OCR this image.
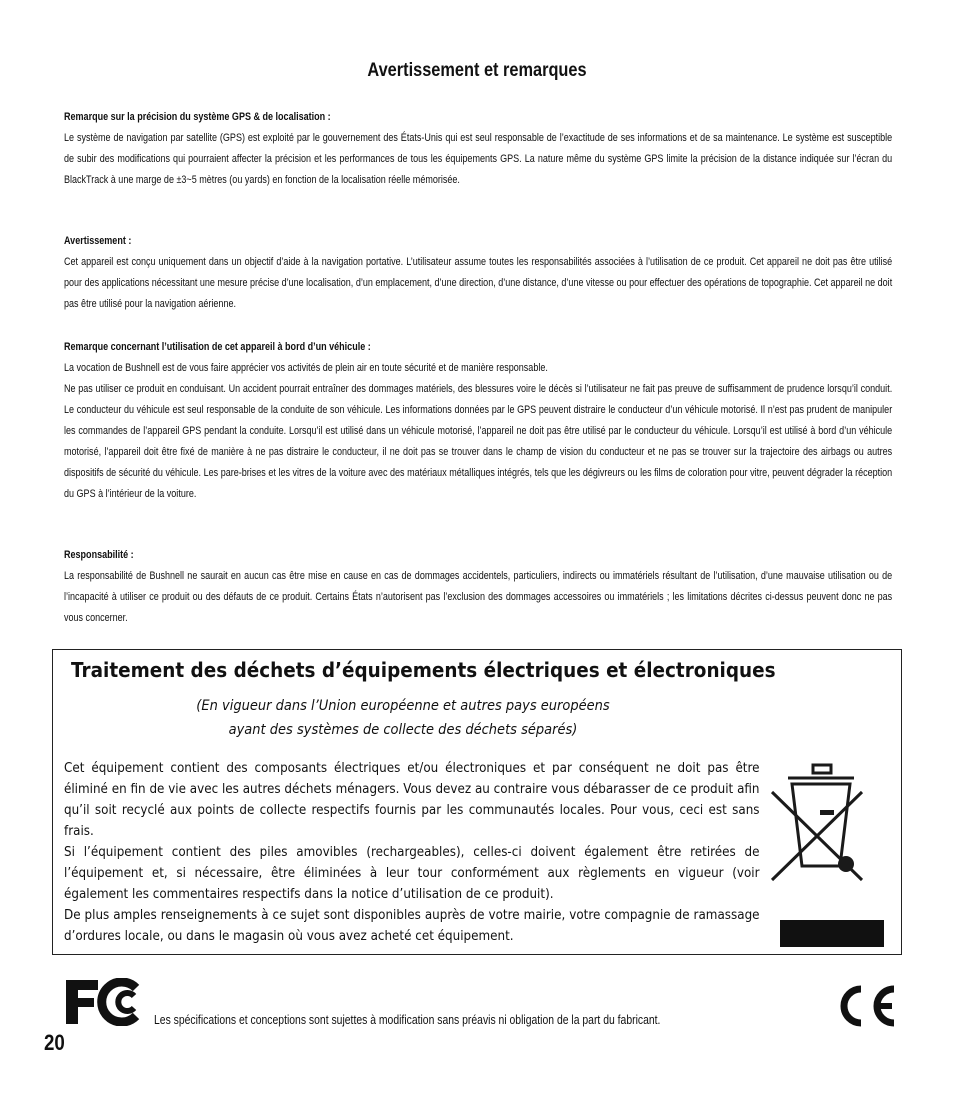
Avertissement et remarques
Remarque sur la précision du système GPS & de localisation :

Le système de navigation par satellite (GPS) est exploité par le gouvernement des États-Unis qui est seul responsable de l’exactitude de ses informations et de sa maintenance. Le système est susceptible de subir des modifications qui pourraient affecter la précision et les performances de tous les équipements GPS. La nature même du système GPS limite la précision de la distance indiquée sur l’écran du BlackTrack à une marge de ±3~5 mètres (ou yards) en fonction de la localisation réelle mémorisée.

Avertissement :

Cet appareil est conçu uniquement dans un objectif d’aide à la navigation portative. L’utilisateur assume toutes les responsabilités associées à l’utilisation de ce produit. Cet appareil ne doit pas être utilisé pour des applications nécessitant une mesure précise d’une localisation, d’un emplacement, d’une direction, d’une distance, d’une vitesse ou pour effectuer des opérations de topographie. Cet appareil ne doit pas être utilisé pour la navigation aérienne.

Remarque concernant l’utilisation de cet appareil à bord d’un véhicule :

La vocation de Bushnell est de vous faire apprécier vos activités de plein air en toute sécurité et de manière responsable.

Ne pas utiliser ce produit en conduisant. Un accident pourrait entraîner des dommages matériels, des blessures voire le décès si l’utilisateur ne fait pas preuve de suffisamment de prudence lorsqu’il conduit. Le conducteur du véhicule est seul responsable de la conduite de son véhicule. Les informations données par le GPS peuvent distraire le conducteur d’un véhicule motorisé. Il n’est pas prudent de manipuler les commandes de l’appareil GPS pendant la conduite. Lorsqu’il est utilisé dans un véhicule motorisé, l’appareil ne doit pas être utilisé par le conducteur du véhicule. Lorsqu’il est utilisé à bord d’un véhicule motorisé, l’appareil doit être fixé de manière à ne pas distraire le conducteur, il ne doit pas se trouver dans le champ de vision du conducteur et ne pas se trouver sur la trajectoire des airbags ou autres dispositifs de sécurité du véhicule. Les pare-brises et les vitres de la voiture avec des matériaux métalliques intégrés, tels que les dégivreurs ou les films de coloration pour vitre, peuvent dégrader la réception du GPS à l’intérieur de la voiture.

Responsabilité :

La responsabilité de Bushnell ne saurait en aucun cas être mise en cause en cas de dommages accidentels, particuliers, indirects ou immatériels résultant de l’utilisation, d’une mauvaise utilisation ou de l’incapacité à utiliser ce produit ou des défauts de ce produit. Certains États n’autorisent pas l’exclusion des dommages accessoires ou immatériels ; les limitations décrites ci-dessus peuvent donc ne pas vous concerner.

Traitement des déchets d’équipements électriques et électroniques
(En vigueur dans l’Union européenne et autres pays européens
ayant des systèmes de collecte des déchets séparés)

Cet équipement contient des composants électriques et/ou électroniques et par conséquent ne doit pas être éliminé en fin de vie avec les autres déchets ménagers. Vous devez au contraire vous débarasser de ce produit afin qu’il soit recyclé aux points de collecte respectifs fournis par les communautés locales. Pour vous, ceci est sans frais.

Si l’équipement contient des piles amovibles (rechargeables), celles-ci doivent également être retirées de l’équipement et, si nécessaire, être éliminées à leur tour conformément aux règlements en vigueur (voir également les commentaires respectifs dans la notice d’utilisation de ce produit).

De plus amples renseignements à ce sujet sont disponibles auprès de votre mairie, votre compagnie de ramassage d’ordures locale, ou dans le magasin où vous avez acheté cet équipement.

Les spécifications et conceptions sont sujettes à modification sans préavis ni obligation de la part du fabricant.
20
